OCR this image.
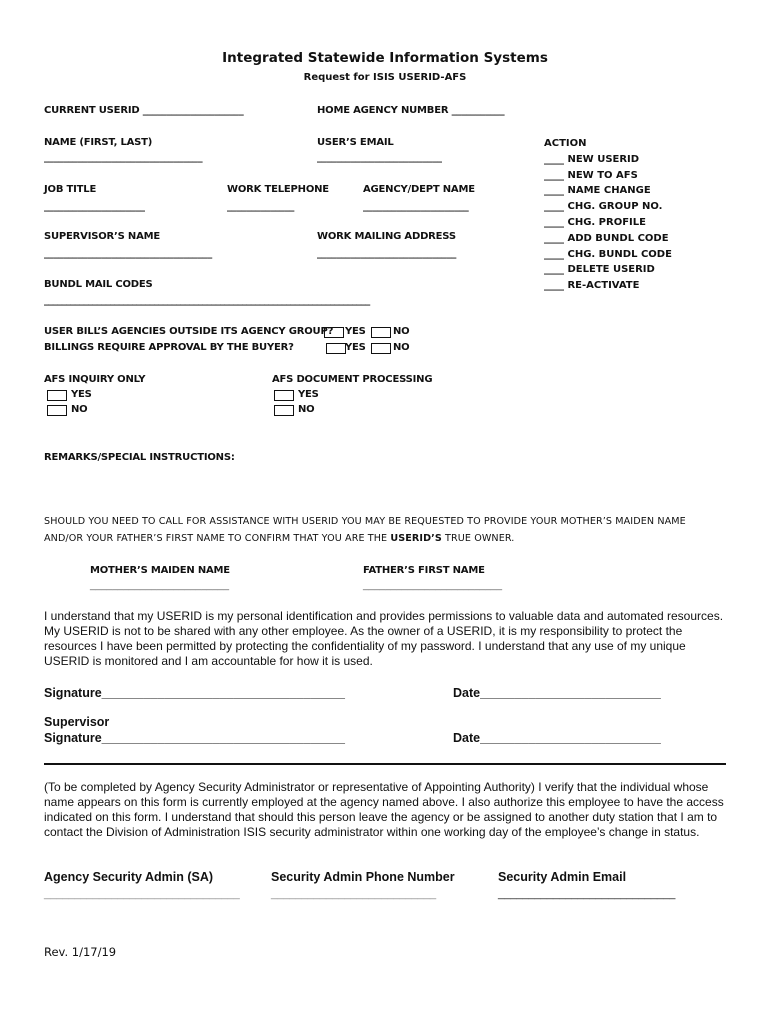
Integrated Statewide Information Systems
Request for ISIS USERID-AFS
CURRENT USERID _____________________	HOME AGENCY NUMBER ___________
NAME (FIRST, LAST)
_________________________________
USER’S EMAIL
__________________________
ACTION
____ NEW USERID
____ NEW TO AFS
____ NAME CHANGE
____ CHG. GROUP NO.
____ CHG. PROFILE
____ ADD BUNDL CODE
____ CHG. BUNDL CODE
____ DELETE USERID
____ RE-ACTIVATE
JOB TITLE
_____________________
WORK TELEPHONE
______________
AGENCY/DEPT NAME
______________________
SUPERVISOR’S NAME
___________________________________
WORK MAILING ADDRESS
_____________________________
BUNDL MAIL CODES
__________________________________________________________________________
USER BILL’S AGENCIES OUTSIDE ITS AGENCY GROUP? YES	NO
BILLINGS REQUIRE APPROVAL BY THE BUYER?	YES	NO
AFS INQUIRY ONLY
YES
NO
AFS DOCUMENT PROCESSING
YES
NO
REMARKS/SPECIAL INSTRUCTIONS:
SHOULD YOU NEED TO CALL FOR ASSISTANCE WITH USERID YOU MAY BE REQUESTED TO PROVIDE YOUR MOTHER’S MAIDEN NAME
AND/OR YOUR FATHER’S FIRST NAME TO CONFIRM THAT YOU ARE THE USERID’S TRUE OWNER.
MOTHER’S MAIDEN NAME
_________________________
FATHER’S FIRST NAME
_________________________
I understand that my USERID is my personal identification and provides permissions to valuable data and automated resources. My USERID is not to be shared with any other employee. As the owner of a USERID, it is my responsibility to protect the resources I have been permitted by protecting the confidentiality of my password. I understand that any use of my unique USERID is monitored and I am accountable for how it is used.
Signature___________________________________	Date__________________________
Supervisor
Signature___________________________________	Date__________________________
(To be completed by Agency Security Administrator or representative of Appointing Authority) I verify that the individual whose name appears on this form is currently employed at the agency named above. I also authorize this employee to have the access indicated on this form. I understand that should this person leave the agency or be assigned to another duty station that I am to contact the Division of Administration ISIS security administrator within one working day of the employee’s change in status.
Agency Security Admin (SA)	Security Admin Phone Number	Security Admin Email
________________________________	___________________________	_____________________________
Rev. 1/17/19
